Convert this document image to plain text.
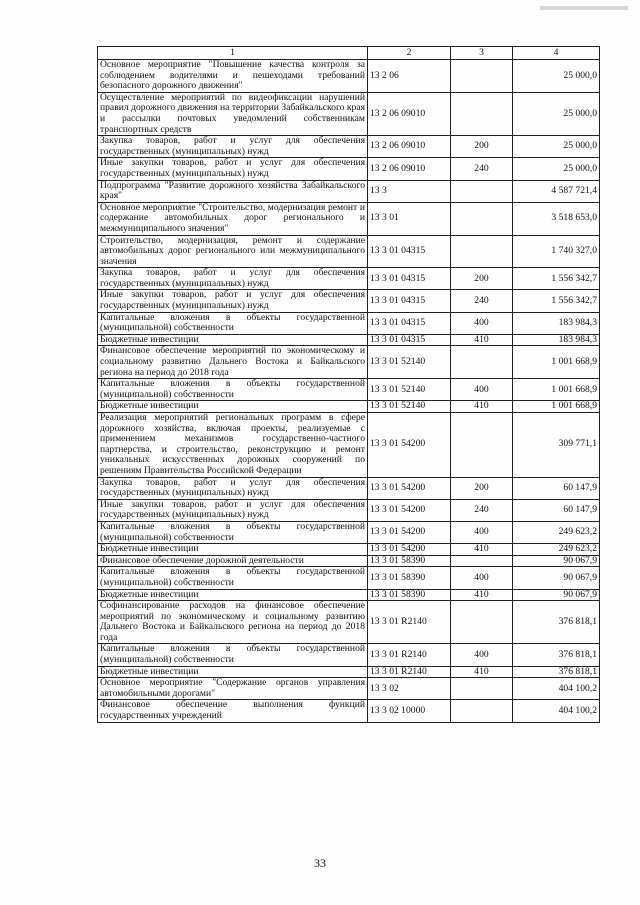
1	2	3	4
Основное мероприятие "Повышение качества контроля за соблюдением водителями и пешеходами требований безопасного дорожного движения"	13 2 06		25 000,0
Осуществление мероприятий по видеофиксации нарушений правил дорожного движения на территории Забайкальского края и рассылки почтовых уведомлений собственникам транспортных средств	13 2 06 09010		25 000,0
Закупка товаров, работ и услуг для обеспечения государственных (муниципальных) нужд	13 2 06 09010	200	25 000,0
Иные закупки товаров, работ и услуг для обеспечения государственных (муниципальных) нужд	13 2 06 09010	240	25 000,0
Подпрограмма "Развитие дорожного хозяйства Забайкальского края"	13 3		4 587 721,4
Основное мероприятие "Строительство, модернизация ремонт и содержание автомобильных дорог регионального и межмуниципального значения"	13 3 01		3 518 653,0
Строительство, модернизация, ремонт и содержание автомобильных дорог регионального или межмуниципального значения	13 3 01 04315		1 740 327,0
Закупка товаров, работ и услуг для обеспечения государственных (муниципальных) нужд	13 3 01 04315	200	1 556 342,7
Иные закупки товаров, работ и услуг для обеспечения государственных (муниципальных) нужд	13 3 01 04315	240	1 556 342,7
Капитальные вложения в объекты государственной (муниципальной) собственности	13 3 01 04315	400	183 984,3
Бюджетные инвестиции	13 3 01 04315	410	183 984,3
Финансовое обеспечение мероприятий по экономическому и социальному развитию Дальнего Востока и Байкальского региона на период до 2018 года	13 3 01 52140		1 001 668,9
Капитальные вложения в объекты государственной (муниципальной) собственности	13 3 01 52140	400	1 001 668,9
Бюджетные инвестиции	13 3 01 52140	410	1 001 668,9
Реализация мероприятий региональных программ в сфере дорожного хозяйства, включая проекты, реализуемые с применением механизмов государственно-частного партнерства, и строительство, реконструкцию и ремонт уникальных искусственных дорожных сооружений по решениям Правительства Российской Федерации	13 3 01 54200		309 771,1
Закупка товаров, работ и услуг для обеспечения государственных (муниципальных) нужд	13 3 01 54200	200	60 147,9
Иные закупки товаров, работ и услуг для обеспечения государственных (муниципальных) нужд	13 3 01 54200	240	60 147,9
Капитальные вложения в объекты государственной (муниципальной) собственности	13 3 01 54200	400	249 623,2
Бюджетные инвестиции	13 3 01 54200	410	249 623,2
Финансовое обеспечение дорожной деятельности	13 3 01 58390		90 067,9
Капитальные вложения в объекты государственной (муниципальной) собственности	13 3 01 58390	400	90 067,9
Бюджетные инвестиции	13 3 01 58390	410	90 067,9
Софинансирование расходов на финансовое обеспечение мероприятий по экономическому и социальному развитию Дальнего Востока и Байкальского региона на период до 2018 года	13 3 01 R2140		376 818,1
Капитальные вложения в объекты государственной (муниципальной) собственности	13 3 01 R2140	400	376 818,1
Бюджетные инвестиции	13 3 01 R2140	410	376 818,1
Основное мероприятие "Содержание органов управления автомобильными дорогами"	13 3 02		404 100,2
Финансовое обеспечение выполнения функций государственных учреждений	13 3 02 10000		404 100,2
33
